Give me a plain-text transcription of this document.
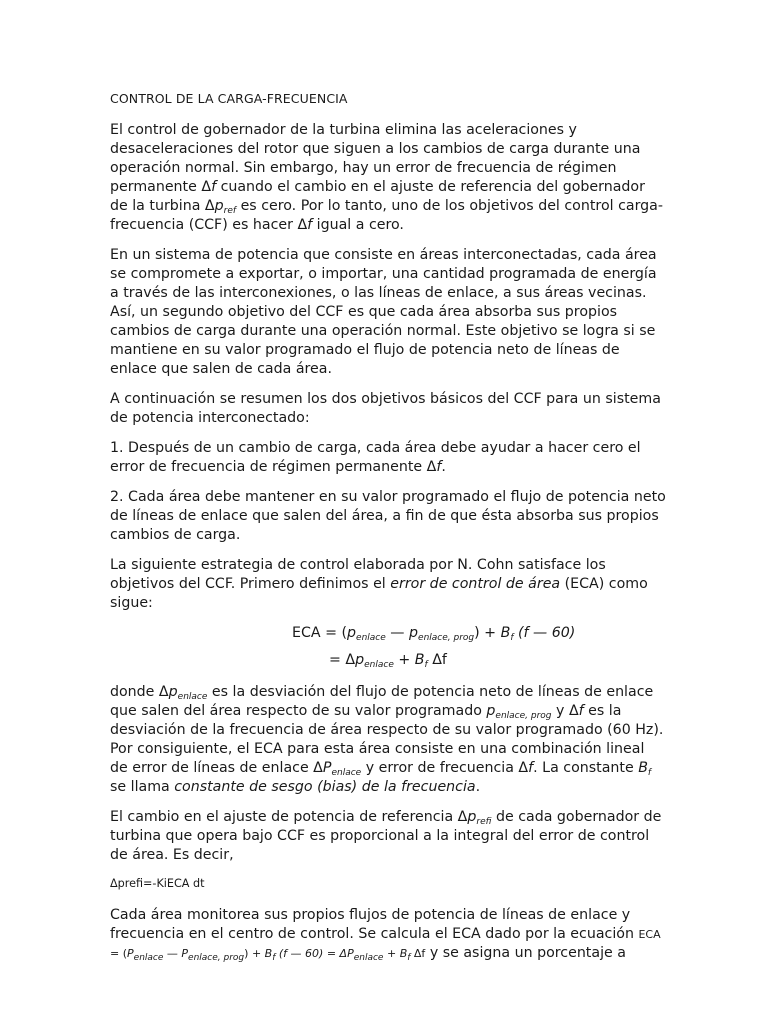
CONTROL DE LA CARGA-FRECUENCIA

El control de gobernador de la turbina elimina las aceleraciones y desaceleraciones del rotor que siguen a los cambios de carga durante una operación normal. Sin embargo, hay un error de frecuencia de régimen permanente Δf cuando el cambio en el ajuste de referencia del gobernador de la turbina $\Delta p_{ref}$ es cero. Por lo tanto, uno de los objetivos del control carga-frecuencia (CCF) es hacer Δf igual a cero.

En un sistema de potencia que consiste en áreas interconectadas, cada área se compromete a exportar, o importar, una cantidad programada de energía a través de las interconexiones, o las líneas de enlace, a sus áreas vecinas. Así, un segundo objetivo del CCF es que cada área absorba sus propios cambios de carga durante una operación normal. Este objetivo se logra si se mantiene en su valor programado el flujo de potencia neto de líneas de enlace que salen de cada área.

A continuación se resumen los dos objetivos básicos del CCF para un sistema de potencia interconectado:

1. Después de un cambio de carga, cada área debe ayudar a hacer cero el error de frecuencia de régimen permanente Δf.

2. Cada área debe mantener en su valor programado el flujo de potencia neto de líneas de enlace que salen del área, a fin de que ésta absorba sus propios cambios de carga.

La siguiente estrategia de control elaborada por N. Cohn satisface los objetivos del CCF. Primero definimos el error de control de área (ECA) como sigue:

ECA = ($p_{enlace}$ — $p_{enlace, prog}) + B_f$ (f — 60)
= $\Delta p_{enlace} + B_f$ Δf

donde $\Delta p_{enlace}$ es la desviación del flujo de potencia neto de líneas de enlace que salen del área respecto de su valor programado $p_{enlace, prog}$ y Δf es la desviación de la frecuencia de área respecto de su valor programado (60 Hz). Por consiguiente, el ECA para esta área consiste en una combinación lineal de error de líneas de enlace $\Delta P_{enlace}$ y error de frecuencia Δf. La constante $B_f$ se llama constante de sesgo (bias) de la frecuencia.

El cambio en el ajuste de potencia de referencia $\Delta p_{refi}$ de cada gobernador de turbina que opera bajo CCF es proporcional a la integral del error de control de área. Es decir,

Δprefi=-KiECA dt

Cada área monitorea sus propios flujos de potencia de líneas de enlace y frecuencia en el centro de control. Se calcula el ECA dado por la ecuación ECA = ($P_{enlace}$ — $P_{enlace, prog}) + B_f$ (f — $60) = \Delta P_{enlace} + B_f$ Δf y se asigna un porcentaje a
